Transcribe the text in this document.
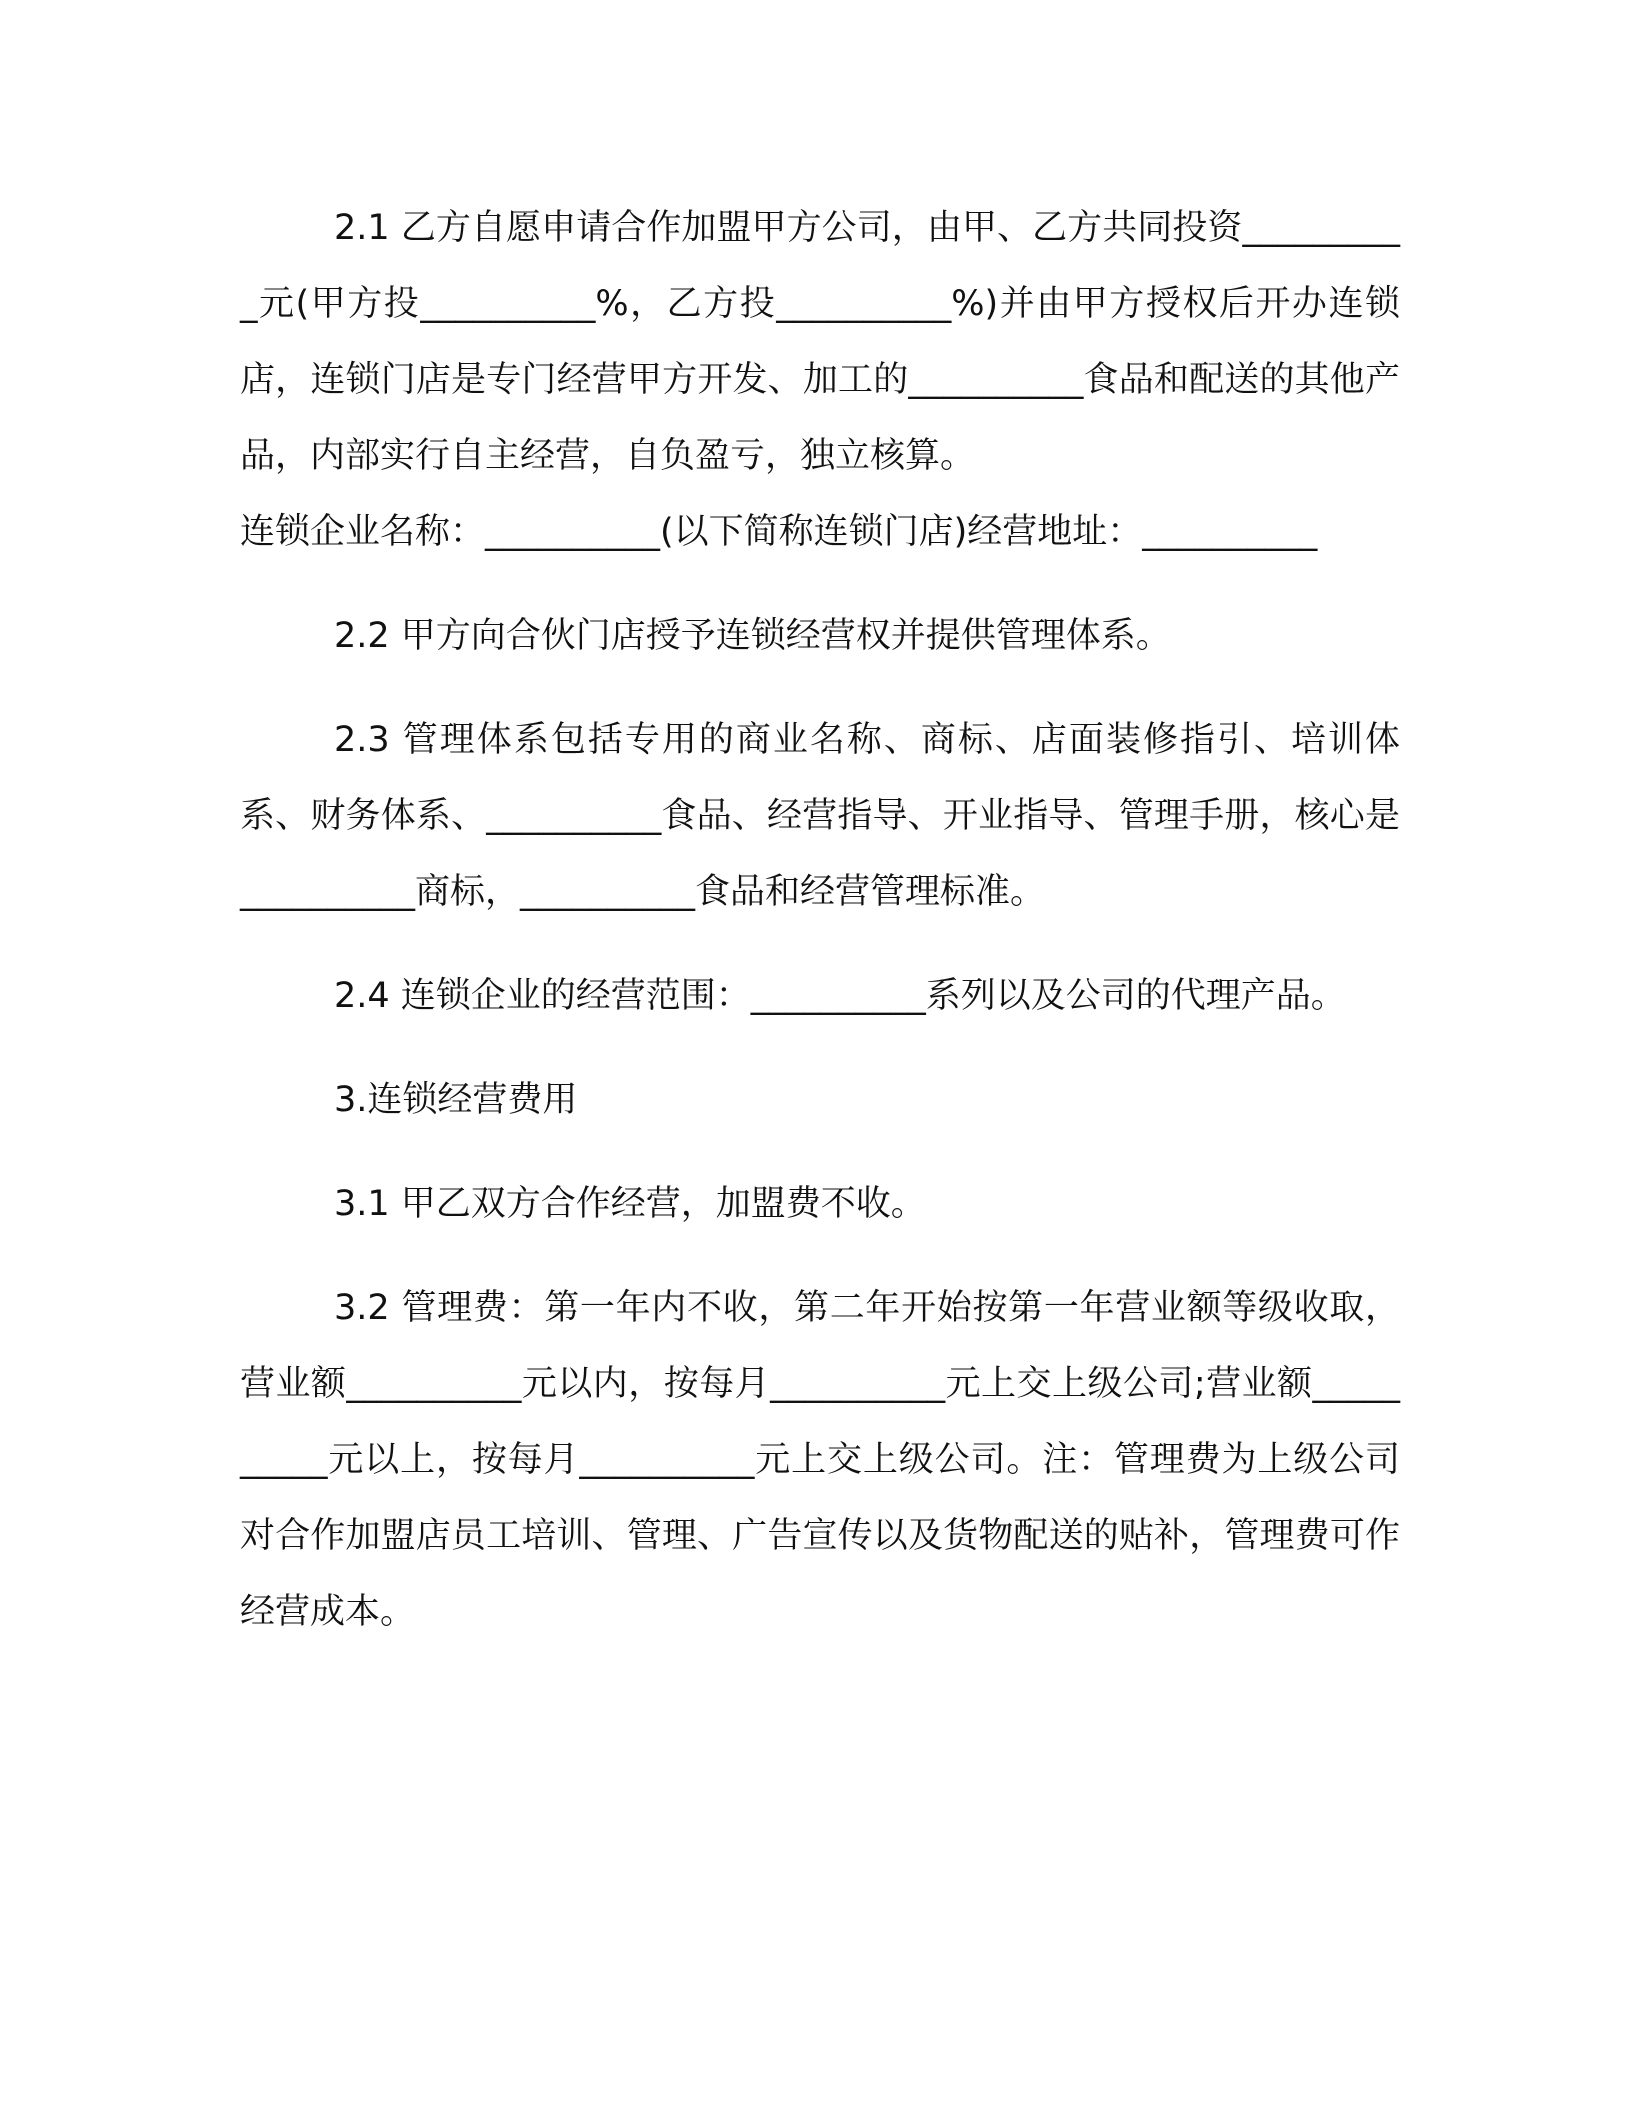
2.1 乙方自愿申请合作加盟甲方公司，由甲、乙方共同投资__________元(甲方投__________%，乙方投__________%)并由甲方授权后开办连锁店，连锁门店是专门经营甲方开发、加工的__________食品和配送的其他产品，内部实行自主经营，自负盈亏，独立核算。

连锁企业名称：__________(以下简称连锁门店)经营地址：__________

2.2 甲方向合伙门店授予连锁经营权并提供管理体系。

2.3 管理体系包括专用的商业名称、商标、店面装修指引、培训体系、财务体系、__________食品、经营指导、开业指导、管理手册，核心是__________商标，__________食品和经营管理标准。

2.4 连锁企业的经营范围：__________系列以及公司的代理产品。

3.连锁经营费用

3.1 甲乙双方合作经营，加盟费不收。

3.2 管理费：第一年内不收，第二年开始按第一年营业额等级收取，营业额__________元以内，按每月__________元上交上级公司;营业额__________元以上，按每月__________元上交上级公司。注：管理费为上级公司对合作加盟店员工培训、管理、广告宣传以及货物配送的贴补，管理费可作经营成本。
